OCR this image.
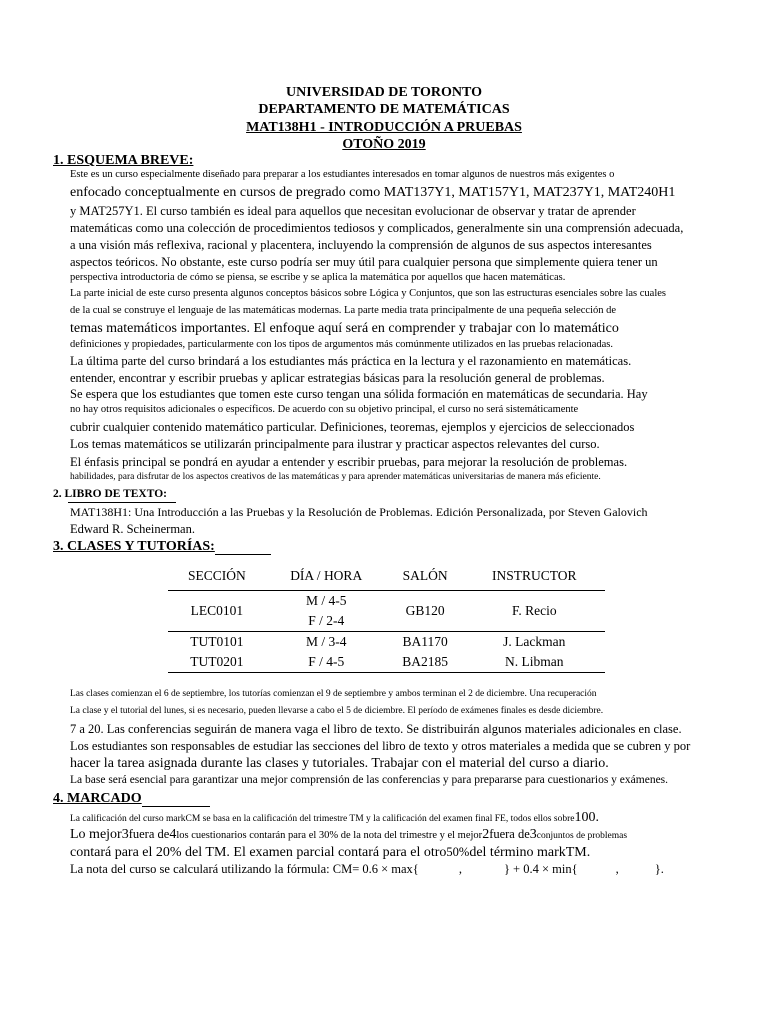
UNIVERSIDAD DE TORONTO
DEPARTAMENTO DE MATEMÁTICAS
MAT138H1 - INTRODUCCIÓN A PRUEBAS
OTOÑO 2019
1. ESQUEMA BREVE:
Este es un curso especialmente diseñado para preparar a los estudiantes interesados en tomar algunos de nuestros más exigentes o
enfocado conceptualmente en cursos de pregrado como MAT137Y1, MAT157Y1, MAT237Y1, MAT240H1
y MAT257Y1. El curso también es ideal para aquellos que necesitan evolucionar de observar y tratar de aprender
matemáticas como una colección de procedimientos tediosos y complicados, generalmente sin una comprensión adecuada,
a una visión más reflexiva, racional y placentera, incluyendo la comprensión de algunos de sus aspectos interesantes
aspectos teóricos. No obstante, este curso podría ser muy útil para cualquier persona que simplemente quiera tener un
perspectiva introductoria de cómo se piensa, se escribe y se aplica la matemática por aquellos que hacen matemáticas.
La parte inicial de este curso presenta algunos conceptos básicos sobre Lógica y Conjuntos, que son las estructuras esenciales sobre las cuales
de la cual se construye el lenguaje de las matemáticas modernas. La parte media trata principalmente de una pequeña selección de
temas matemáticos importantes. El enfoque aquí será en comprender y trabajar con lo matemático
definiciones y propiedades, particularmente con los tipos de argumentos más comúnmente utilizados en las pruebas relacionadas.
La última parte del curso brindará a los estudiantes más práctica en la lectura y el razonamiento en matemáticas.
entender, encontrar y escribir pruebas y aplicar estrategias básicas para la resolución general de problemas.
Se espera que los estudiantes que tomen este curso tengan una sólida formación en matemáticas de secundaria. Hay
no hay otros requisitos adicionales o específicos. De acuerdo con su objetivo principal, el curso no será sistemáticamente
cubrir cualquier contenido matemático particular. Definiciones, teoremas, ejemplos y ejercicios de seleccionados
Los temas matemáticos se utilizarán principalmente para ilustrar y practicar aspectos relevantes del curso.
El énfasis principal se pondrá en ayudar a entender y escribir pruebas, para mejorar la resolución de problemas.
habilidades, para disfrutar de los aspectos creativos de las matemáticas y para aprender matemáticas universitarias de manera más eficiente.
2. LIBRO DE TEXTO:
MAT138H1: Una Introducción a las Pruebas y la Resolución de Problemas. Edición Personalizada, por Steven Galovich
Edward R. Scheinerman.
3. CLASES Y TUTORÍAS:
SECCIÓN	DÍA / HORA	SALÓN	INSTRUCTOR
LEC0101	M / 4-5
F / 2-4	GB120	F. Recio
TUT0101	M / 3-4	BA1170	J. Lackman
TUT0201	F / 4-5	BA2185	N. Libman
Las clases comienzan el 6 de septiembre, los tutorías comienzan el 9 de septiembre y ambos terminan el 2 de diciembre. Una recuperación
La clase y el tutorial del lunes, si es necesario, pueden llevarse a cabo el 5 de diciembre. El período de exámenes finales es desde diciembre.
7 a 20. Las conferencias seguirán de manera vaga el libro de texto. Se distribuirán algunos materiales adicionales en clase.
Los estudiantes son responsables de estudiar las secciones del libro de texto y otros materiales a medida que se cubren y por
hacer la tarea asignada durante las clases y tutoriales. Trabajar con el material del curso a diario.
La base será esencial para garantizar una mejor comprensión de las conferencias y para prepararse para cuestionarios y exámenes.
4. MARCADO
La calificación del curso markCM se basa en la calificación del trimestre TM y la calificación del examen final FE, todos ellos sobre100.
Lo mejor3fuera de4los cuestionarios contarán para el 30% de la nota del trimestre y el mejor2fuera de3conjuntos de problemas
contará para el 20% del TM. El examen parcial contará para el otro50%del término markTM.
La nota del curso se calculará utilizando la fórmula: CM= 0.6 × max{	,	} + 0.4 × min{	,	}.
